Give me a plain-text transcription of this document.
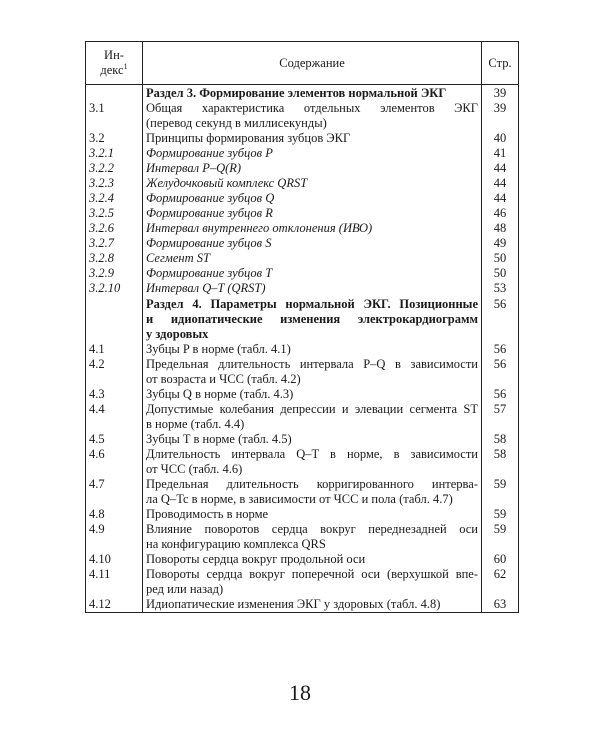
Ин-
декс$^1$	Содержание	Стр.

	Раздел 3. Формирование элементов нормальной ЭКГ	39
3.1	Общая характеристика отдельных элементов ЭКГ
(перевод секунд в миллисекунды)	39
3.2	Принципы формирования зубцов ЭКГ	40
3.2.1	Формирование зубцов P	41
3.2.2	Интервал P–Q(R)	44
3.2.3	Желудочковый комплекс QRST	44
3.2.4	Формирование зубцов Q	44
3.2.5	Формирование зубцов R	46
3.2.6	Интервал внутреннего отклонения (ИВО)	48
3.2.7	Формирование зубцов S	49
3.2.8	Сегмент ST	50
3.2.9	Формирование зубцов T	50
3.2.10	Интервал Q–T (QRST)	53

	Раздел 4. Параметры нормальной ЭКГ. Позиционные
и идиопатические изменения электрокардиограмм
у здоровых	56
4.1	Зубцы P в норме (табл. 4.1)	56
4.2	Предельная длительность интервала P–Q в зависимости
от возраста и ЧСС (табл. 4.2)	56
4.3	Зубцы Q в норме (табл. 4.3)	56
4.4	Допустимые колебания депрессии и элевации сегмента ST
в норме (табл. 4.4)	57
4.5	Зубцы T в норме (табл. 4.5)	58
4.6	Длительность интервала Q–T в норме, в зависимости
от ЧСС (табл. 4.6)	58
4.7	Предельная длительность корригированного интерва-
ла Q–Tc в норме, в зависимости от ЧСС и пола (табл. 4.7)	59
4.8	Проводимость в норме	59
4.9	Влияние поворотов сердца вокруг переднезадней оси
на конфигурацию комплекса QRS	59
4.10	Повороты сердца вокруг продольной оси	60
4.11	Повороты сердца вокруг поперечной оси (верхушкой впе-
ред или назад)	62
4.12	Идиопатические изменения ЭКГ у здоровых (табл. 4.8)	63
18
